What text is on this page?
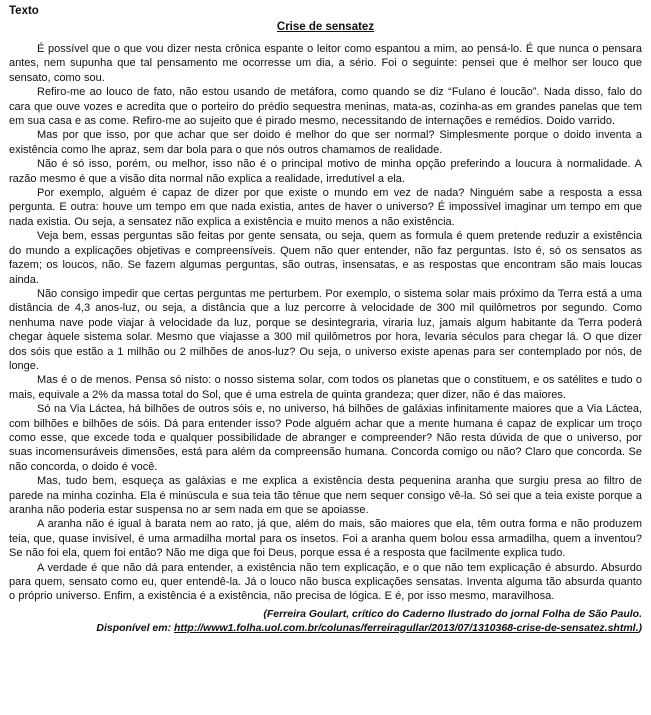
Texto
Crise de sensatez

É possível que o que vou dizer nesta crônica espante o leitor como espantou a mim, ao pensá-lo. É que nunca o pensara antes, nem supunha que tal pensamento me ocorresse um dia, a sério. Foi o seguinte: pensei que é melhor ser louco que sensato, como sou.

Refiro-me ao louco de fato, não estou usando de metáfora, como quando se diz “Fulano é loucão”. Nada disso, falo do cara que ouve vozes e acredita que o porteiro do prédio sequestra meninas, mata-as, cozinha-as em grandes panelas que tem em sua casa e as come. Refiro-me ao sujeito que é pirado mesmo, necessitando de internações e remédios. Doido varrido.

Mas por que isso, por que achar que ser doido é melhor do que ser normal? Simplesmente porque o doido inventa a existência como lhe apraz, sem dar bola para o que nós outros chamamos de realidade.

Não é só isso, porém, ou melhor, isso não é o principal motivo de minha opção preferindo a loucura à normalidade. A razão mesmo é que a visão dita normal não explica a realidade, irredutível a ela.

Por exemplo, alguém é capaz de dizer por que existe o mundo em vez de nada? Ninguém sabe a resposta a essa pergunta. E outra: houve um tempo em que nada existia, antes de haver o universo? É impossível imaginar um tempo em que nada existia. Ou seja, a sensatez não explica a existência e muito menos a não existência.

Veja bem, essas perguntas são feitas por gente sensata, ou seja, quem as formula é quem pretende reduzir a existência do mundo a explicações objetivas e compreensíveis. Quem não quer entender, não faz perguntas. Isto é, só os sensatos as fazem; os loucos, não. Se fazem algumas perguntas, são outras, insensatas, e as respostas que encontram são mais loucas ainda.

Não consigo impedir que certas perguntas me perturbem. Por exemplo, o sistema solar mais próximo da Terra está a uma distância de 4,3 anos-luz, ou seja, a distância que a luz percorre à velocidade de 300 mil quilômetros por segundo. Como nenhuma nave pode viajar à velocidade da luz, porque se desintegraria, viraria luz, jamais algum habitante da Terra poderá chegar àquele sistema solar. Mesmo que viajasse a 300 mil quilômetros por hora, levaria séculos para chegar lá. O que dizer dos sóis que estão a 1 milhão ou 2 milhões de anos-luz? Ou seja, o universo existe apenas para ser contemplado por nós, de longe.

Mas é o de menos. Pensa só nisto: o nosso sistema solar, com todos os planetas que o constituem, e os satélites e tudo o mais, equivale a 2% da massa total do Sol, que é uma estrela de quinta grandeza; quer dizer, não é das maiores.

Só na Via Láctea, há bilhões de outros sóis e, no universo, há bilhões de galáxias infinitamente maiores que a Via Láctea, com bilhões e bilhões de sóis. Dá para entender isso? Pode alguém achar que a mente humana é capaz de explicar um troço como esse, que excede toda e qualquer possibilidade de abranger e compreender? Não resta dúvida de que o universo, por suas incomensuráveis dimensões, está para além da compreensão humana. Concorda comigo ou não? Claro que concorda. Se não concorda, o doido é você.

Mas, tudo bem, esqueça as galáxias e me explica a existência desta pequenina aranha que surgiu presa ao filtro de parede na minha cozinha. Ela é minúscula e sua teia tão tênue que nem sequer consigo vê-la. Só sei que a teia existe porque a aranha não poderia estar suspensa no ar sem nada em que se apoiasse.

A aranha não é igual à barata nem ao rato, já que, além do mais, são maiores que ela, têm outra forma e não produzem teia, que, quase invisível, é uma armadilha mortal para os insetos. Foi a aranha quem bolou essa armadilha, quem a inventou? Se não foi ela, quem foi então? Não me diga que foi Deus, porque essa é a resposta que facilmente explica tudo.

A verdade é que não dá para entender, a existência não tem explicação, e o que não tem explicação é absurdo. Absurdo para quem, sensato como eu, quer entendê-la. Já o louco não busca explicações sensatas. Inventa alguma tão absurda quanto o próprio universo. Enfim, a existência é a existência, não precisa de lógica. E é, por isso mesmo, maravilhosa.

(Ferreira Goulart, crítico do Caderno Ilustrado do jornal Folha de São Paulo.
Disponível em: http://www1.folha.uol.com.br/colunas/ferreiragullar/2013/07/1310368-crise-de-sensatez.shtml.)
